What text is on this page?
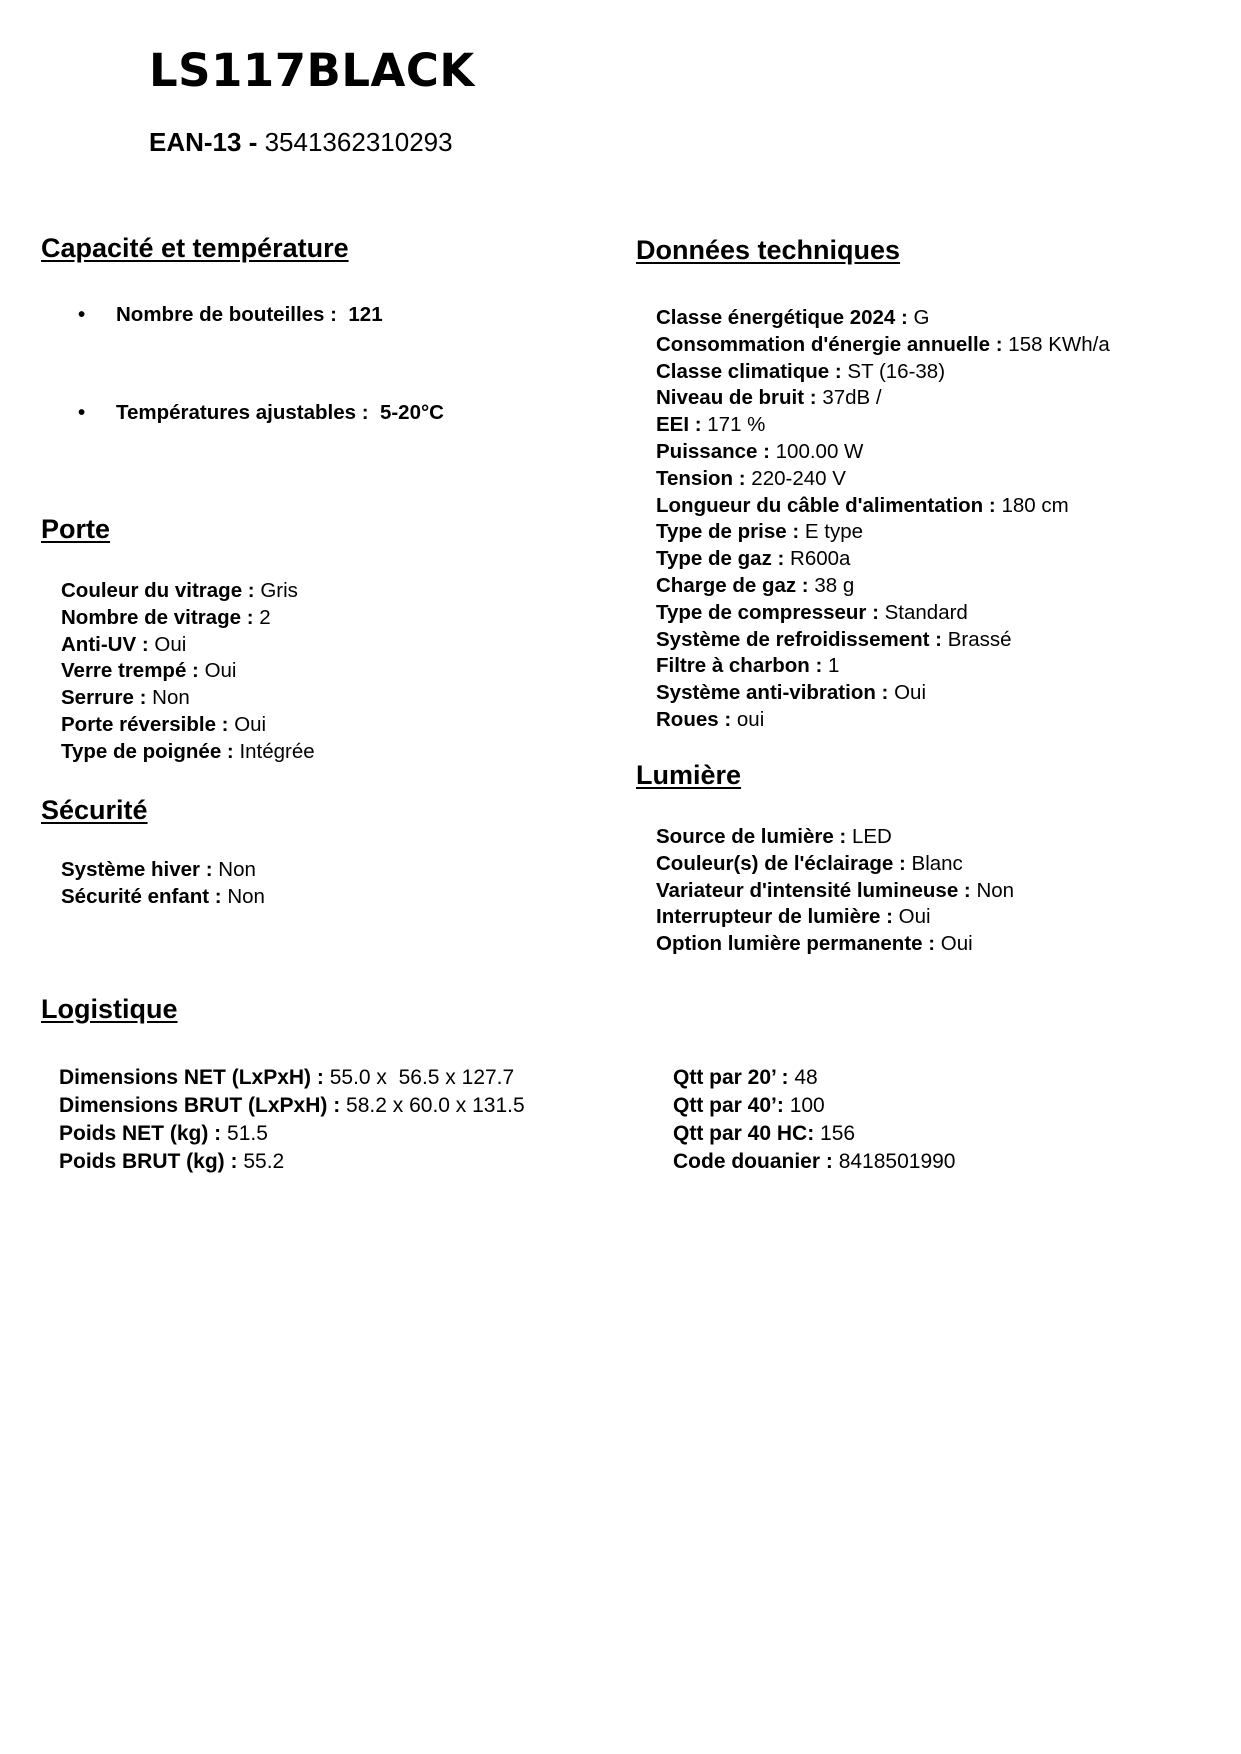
LS117BLACK
EAN-13 - 3541362310293
Capacité et température
• Nombre de bouteilles : 121
• Températures ajustables : 5-20°C
Porte
Couleur du vitrage : Gris
Nombre de vitrage : 2
Anti-UV : Oui
Verre trempé : Oui
Serrure : Non
Porte réversible : Oui
Type de poignée : Intégrée
Sécurité
Système hiver : Non
Sécurité enfant : Non
Données techniques
Classe énergétique 2024 : G
Consommation d'énergie annuelle : 158 KWh/a
Classe climatique : ST (16-38)
Niveau de bruit : 37dB /
EEI : 171 %
Puissance : 100.00 W
Tension : 220-240 V
Longueur du câble d'alimentation : 180 cm
Type de prise : E type
Type de gaz : R600a
Charge de gaz : 38 g
Type de compresseur : Standard
Système de refroidissement : Brassé
Filtre à charbon : 1
Système anti-vibration : Oui
Roues : oui
Lumière
Source de lumière : LED
Couleur(s) de l'éclairage : Blanc
Variateur d'intensité lumineuse : Non
Interrupteur de lumière : Oui
Option lumière permanente : Oui
Logistique
Dimensions NET (LxPxH) : 55.0 x  56.5 x 127.7
Dimensions BRUT (LxPxH) : 58.2 x 60.0 x 131.5
Poids NET (kg) : 51.5
Poids BRUT (kg) : 55.2
Qtt par 20’ : 48
Qtt par 40’: 100
Qtt par 40 HC: 156
Code douanier : 8418501990
